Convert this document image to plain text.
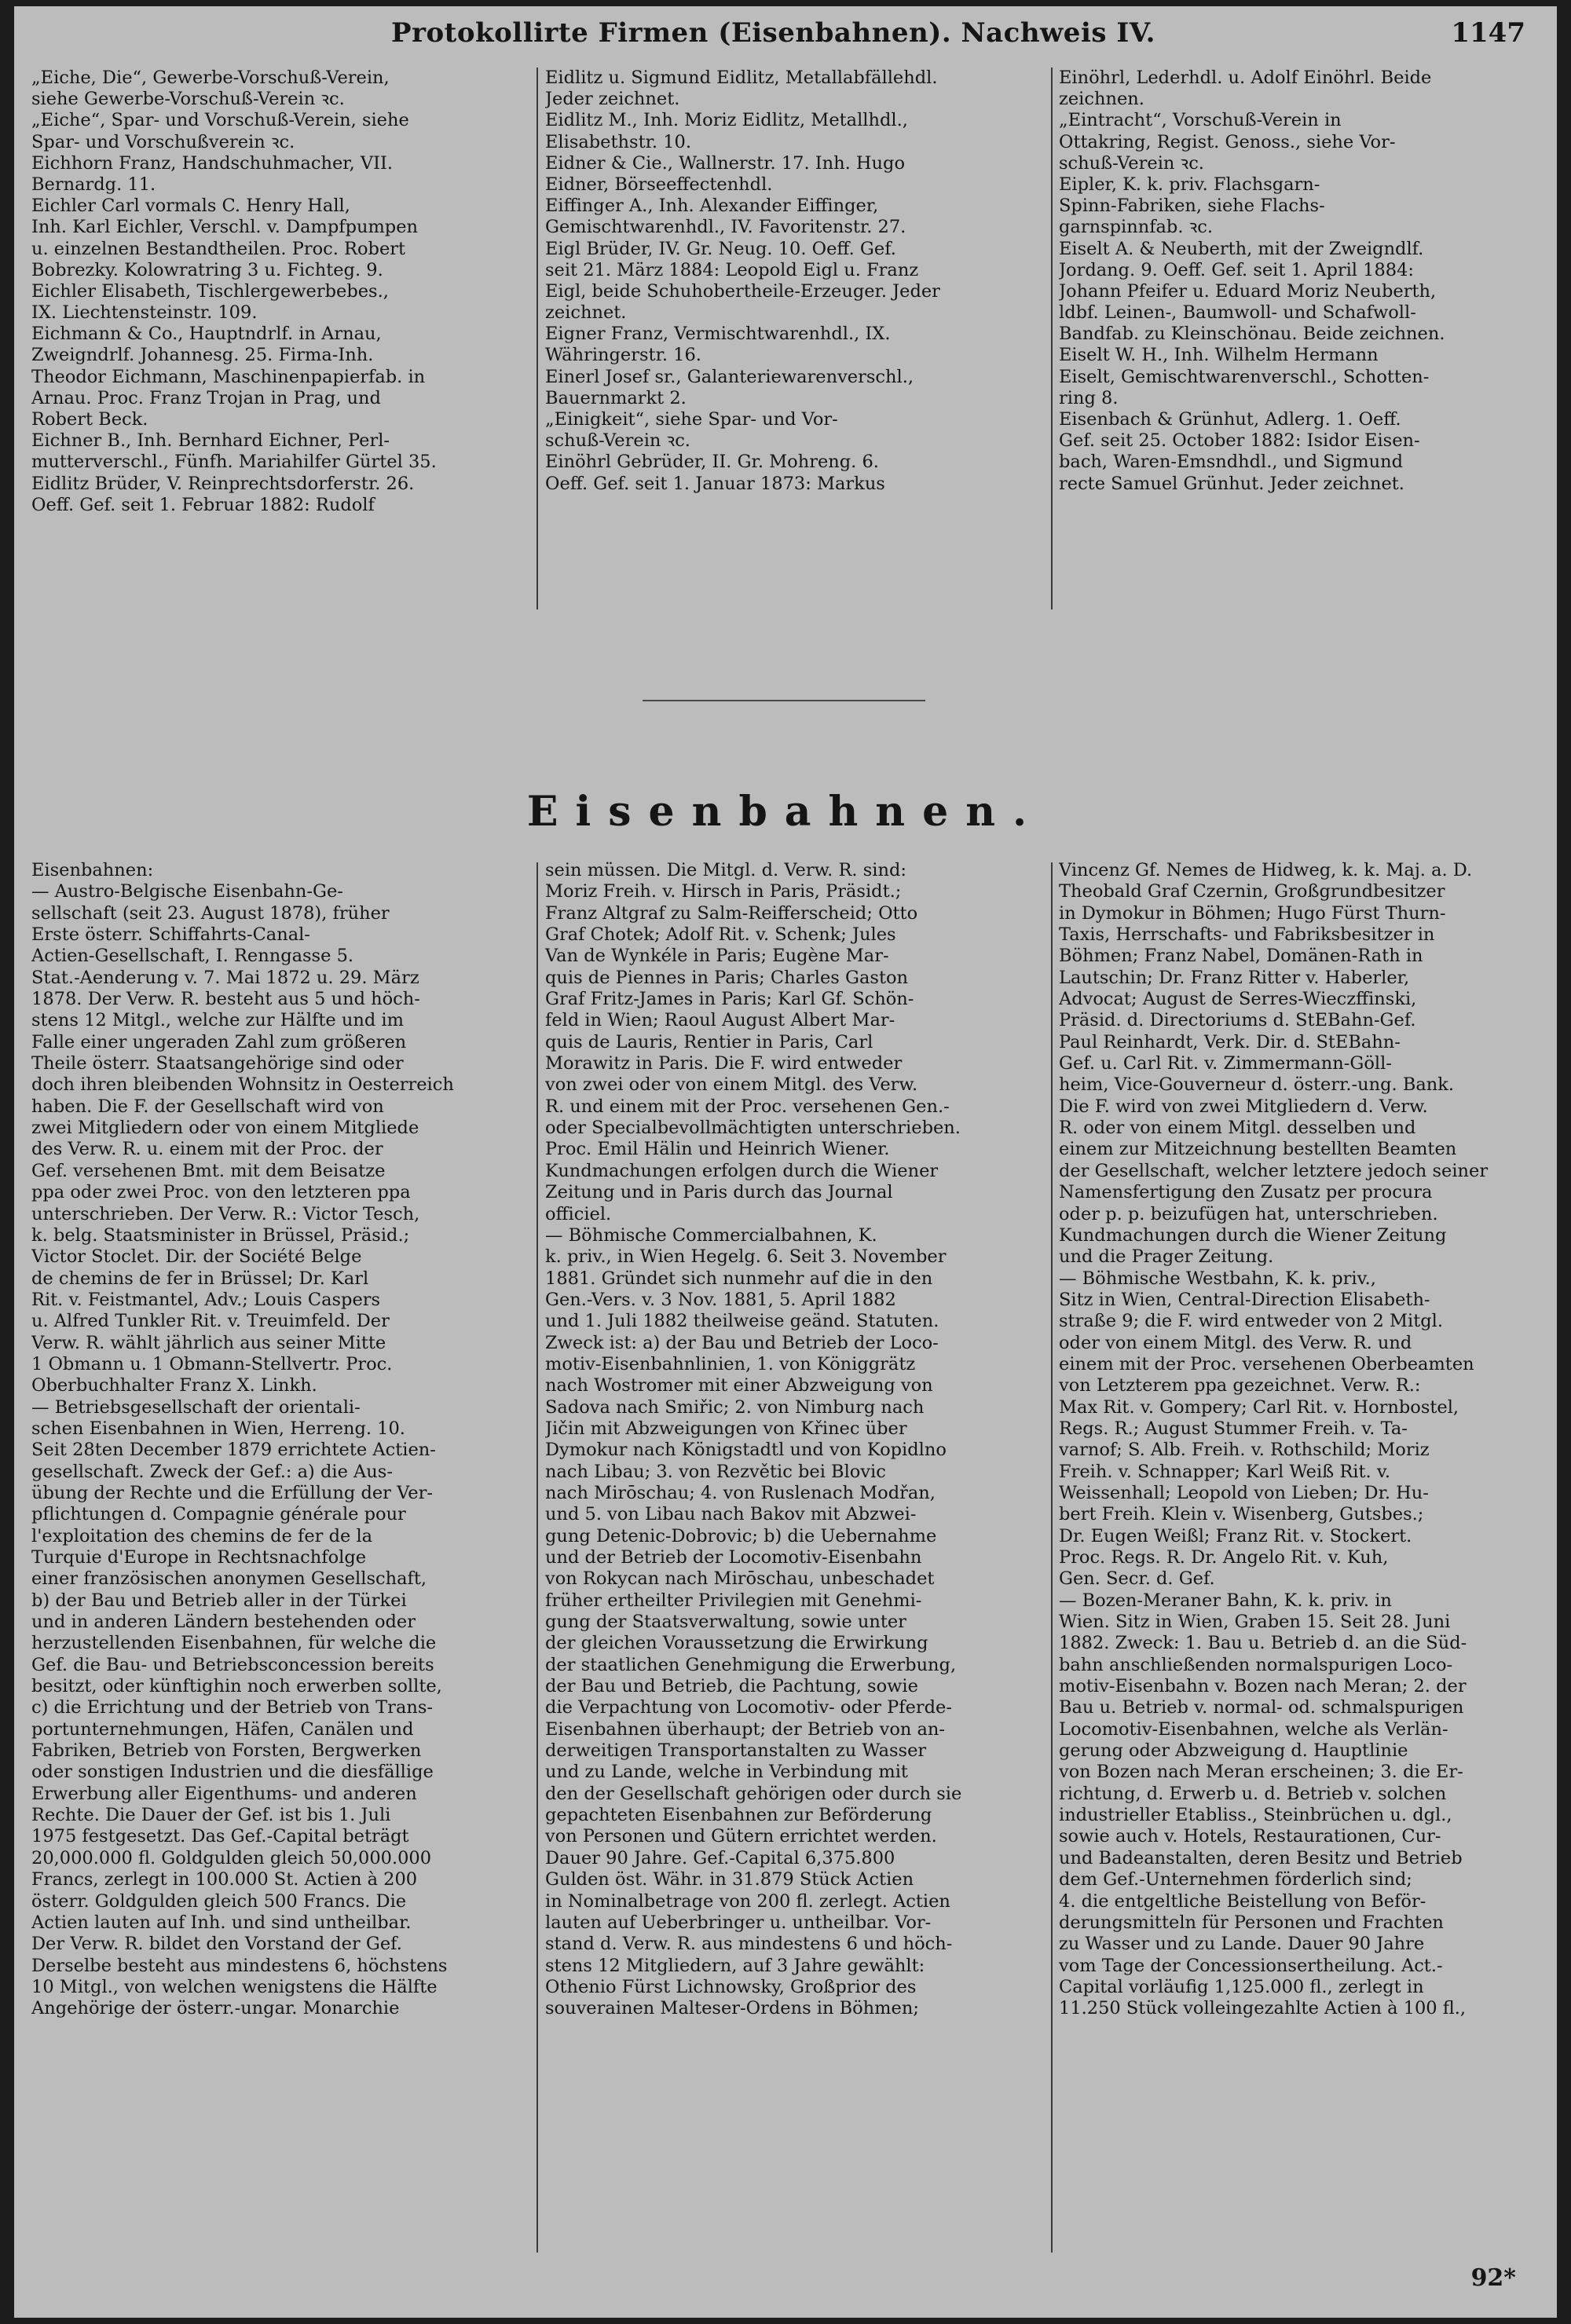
Protokollirte Firmen (Eisenbahnen). Nachweis IV.	1147
„Eiche, Die“, Gewerbe-Vorschuß-Verein,
siehe Gewerbe-Vorschuß-Verein ꝛc.
„Eiche“, Spar- und Vorschuß-Verein, siehe
Spar- und Vorschußverein ꝛc.
Eichhorn Franz, Handschuhmacher, VII.
Bernardg. 11.
Eichler Carl vormals C. Henry Hall,
Inh. Karl Eichler, Verschl. v. Dampfpumpen
u. einzelnen Bestandtheilen. Proc. Robert
Bobrezky. Kolowratring 3 u. Fichteg. 9.
Eichler Elisabeth, Tischlergewerbebes.,
IX. Liechtensteinstr. 109.
Eichmann & Co., Hauptndrlf. in Arnau,
Zweigndrlf. Johannesg. 25. Firma-Inh.
Theodor Eichmann, Maschinenpapierfab. in
Arnau. Proc. Franz Trojan in Prag, und
Robert Beck.
Eichner B., Inh. Bernhard Eichner, Perl-
mutterverschl., Fünfh. Mariahilfer Gürtel 35.
Eidlitz Brüder, V. Reinprechtsdorferstr. 26.
Oeff. Gef. seit 1. Februar 1882: Rudolf
Eidlitz u. Sigmund Eidlitz, Metallabfällehdl.
Jeder zeichnet.
Eidlitz M., Inh. Moriz Eidlitz, Metallhdl.,
Elisabethstr. 10.
Eidner & Cie., Wallnerstr. 17. Inh. Hugo
Eidner, Börseeffectenhdl.
Eiffinger A., Inh. Alexander Eiffinger,
Gemischtwarenhdl., IV. Favoritenstr. 27.
Eigl Brüder, IV. Gr. Neug. 10. Oeff. Gef.
seit 21. März 1884: Leopold Eigl u. Franz
Eigl, beide Schuhobertheile-Erzeuger. Jeder
zeichnet.
Eigner Franz, Vermischtwarenhdl., IX.
Währingerstr. 16.
Einerl Josef sr., Galanteriewarenverschl.,
Bauernmarkt 2.
„Einigkeit“, siehe Spar- und Vor-
schuß-Verein ꝛc.
Einöhrl Gebrüder, II. Gr. Mohreng. 6.
Oeff. Gef. seit 1. Januar 1873: Markus
Einöhrl, Lederhdl. u. Adolf Einöhrl. Beide
zeichnen.
„Eintracht“, Vorschuß-Verein in
Ottakring, Regist. Genoss., siehe Vor-
schuß-Verein ꝛc.
Eipler, K. k. priv. Flachsgarn-
Spinn-Fabriken, siehe Flachs-
garnspinnfab. ꝛc.
Eiselt A. & Neuberth, mit der Zweigndlf.
Jordang. 9. Oeff. Gef. seit 1. April 1884:
Johann Pfeifer u. Eduard Moriz Neuberth,
ldbf. Leinen-, Baumwoll- und Schafwoll-
Bandfab. zu Kleinschönau. Beide zeichnen.
Eiselt W. H., Inh. Wilhelm Hermann
Eiselt, Gemischtwarenverschl., Schotten-
ring 8.
Eisenbach & Grünhut, Adlerg. 1. Oeff.
Gef. seit 25. October 1882: Isidor Eisen-
bach, Waren-Emsndhdl., und Sigmund
recte Samuel Grünhut. Jeder zeichnet.
Eisenbahnen.
Eisenbahnen:
— Austro-Belgische Eisenbahn-Ge-
sellschaft (seit 23. August 1878), früher
Erste österr. Schiffahrts-Canal-
Actien-Gesellschaft, I. Renngasse 5.
Stat.-Aenderung v. 7. Mai 1872 u. 29. März
1878. Der Verw. R. besteht aus 5 und höch-
stens 12 Mitgl., welche zur Hälfte und im
Falle einer ungeraden Zahl zum größeren
Theile österr. Staatsangehörige sind oder
doch ihren bleibenden Wohnsitz in Oesterreich
haben. Die F. der Gesellschaft wird von
zwei Mitgliedern oder von einem Mitgliede
des Verw. R. u. einem mit der Proc. der
Gef. versehenen Bmt. mit dem Beisatze
ppa oder zwei Proc. von den letzteren ppa
unterschrieben. Der Verw. R.: Victor Tesch,
k. belg. Staatsminister in Brüssel, Präsid.;
Victor Stoclet. Dir. der Société Belge
de chemins de fer in Brüssel; Dr. Karl
Rit. v. Feistmantel, Adv.; Louis Caspers
u. Alfred Tunkler Rit. v. Treuimfeld. Der
Verw. R. wählt jährlich aus seiner Mitte
1 Obmann u. 1 Obmann-Stellvertr. Proc.
Oberbuchhalter Franz X. Linkh.
— Betriebsgesellschaft der orientali-
schen Eisenbahnen in Wien, Herreng. 10.
Seit 28ten December 1879 errichtete Actien-
gesellschaft. Zweck der Gef.: a) die Aus-
übung der Rechte und die Erfüllung der Ver-
pflichtungen d. Compagnie générale pour
l'exploitation des chemins de fer de la
Turquie d'Europe in Rechtsnachfolge
einer französischen anonymen Gesellschaft,
b) der Bau und Betrieb aller in der Türkei
und in anderen Ländern bestehenden oder
herzustellenden Eisenbahnen, für welche die
Gef. die Bau- und Betriebsconcession bereits
besitzt, oder künftighin noch erwerben sollte,
c) die Errichtung und der Betrieb von Trans-
portunternehmungen, Häfen, Canälen und
Fabriken, Betrieb von Forsten, Bergwerken
oder sonstigen Industrien und die diesfällige
Erwerbung aller Eigenthums- und anderen
Rechte. Die Dauer der Gef. ist bis 1. Juli
1975 festgesetzt. Das Gef.-Capital beträgt
20,000.000 fl. Goldgulden gleich 50,000.000
Francs, zerlegt in 100.000 St. Actien à 200
österr. Goldgulden gleich 500 Francs. Die
Actien lauten auf Inh. und sind untheilbar.
Der Verw. R. bildet den Vorstand der Gef.
Derselbe besteht aus mindestens 6, höchstens
10 Mitgl., von welchen wenigstens die Hälfte
Angehörige der österr.-ungar. Monarchie
sein müssen. Die Mitgl. d. Verw. R. sind:
Moriz Freih. v. Hirsch in Paris, Präsidt.;
Franz Altgraf zu Salm-Reifferscheid; Otto
Graf Chotek; Adolf Rit. v. Schenk; Jules
Van de Wynkéle in Paris; Eugène Mar-
quis de Piennes in Paris; Charles Gaston
Graf Fritz-James in Paris; Karl Gf. Schön-
feld in Wien; Raoul August Albert Mar-
quis de Lauris, Rentier in Paris, Carl
Morawitz in Paris. Die F. wird entweder
von zwei oder von einem Mitgl. des Verw.
R. und einem mit der Proc. versehenen Gen.-
oder Specialbevollmächtigten unterschrieben.
Proc. Emil Hälin und Heinrich Wiener.
Kundmachungen erfolgen durch die Wiener
Zeitung und in Paris durch das Journal
officiel.
— Böhmische Commercialbahnen, K.
k. priv., in Wien Hegelg. 6. Seit 3. November
1881. Gründet sich nunmehr auf die in den
Gen.-Vers. v. 3 Nov. 1881, 5. April 1882
und 1. Juli 1882 theilweise geänd. Statuten.
Zweck ist: a) der Bau und Betrieb der Loco-
motiv-Eisenbahnlinien, 1. von Königgrätz
nach Wostromer mit einer Abzweigung von
Sadova nach Smiřic; 2. von Nimburg nach
Jičin mit Abzweigungen von Křinec über
Dymokur nach Königstadtl und von Kopidlno
nach Libau; 3. von Rezvětic bei Blovic
nach Mirōschau; 4. von Ruslenach Modřan,
und 5. von Libau nach Bakov mit Abzwei-
gung Detenic-Dobrovic; b) die Uebernahme
und der Betrieb der Locomotiv-Eisenbahn
von Rokycan nach Mirōschau, unbeschadet
früher ertheilter Privilegien mit Genehmi-
gung der Staatsverwaltung, sowie unter
der gleichen Voraussetzung die Erwirkung
der staatlichen Genehmigung die Erwerbung,
der Bau und Betrieb, die Pachtung, sowie
die Verpachtung von Locomotiv- oder Pferde-
Eisenbahnen überhaupt; der Betrieb von an-
derweitigen Transportanstalten zu Wasser
und zu Lande, welche in Verbindung mit
den der Gesellschaft gehörigen oder durch sie
gepachteten Eisenbahnen zur Beförderung
von Personen und Gütern errichtet werden.
Dauer 90 Jahre. Gef.-Capital 6,375.800
Gulden öst. Währ. in 31.879 Stück Actien
in Nominalbetrage von 200 fl. zerlegt. Actien
lauten auf Ueberbringer u. untheilbar. Vor-
stand d. Verw. R. aus mindestens 6 und höch-
stens 12 Mitgliedern, auf 3 Jahre gewählt:
Othenio Fürst Lichnowsky, Großprior des
souverainen Malteser-Ordens in Böhmen;
Vincenz Gf. Nemes de Hidweg, k. k. Maj. a. D.
Theobald Graf Czernin, Großgrundbesitzer
in Dymokur in Böhmen; Hugo Fürst Thurn-
Taxis, Herrschafts- und Fabriksbesitzer in
Böhmen; Franz Nabel, Domänen-Rath in
Lautschin; Dr. Franz Ritter v. Haberler,
Advocat; August de Serres-Wieczffinski,
Präsid. d. Directoriums d. StEBahn-Gef.
Paul Reinhardt, Verk. Dir. d. StEBahn-
Gef. u. Carl Rit. v. Zimmermann-Göll-
heim, Vice-Gouverneur d. österr.-ung. Bank.
Die F. wird von zwei Mitgliedern d. Verw.
R. oder von einem Mitgl. desselben und
einem zur Mitzeichnung bestellten Beamten
der Gesellschaft, welcher letztere jedoch seiner
Namensfertigung den Zusatz per procura
oder p. p. beizufügen hat, unterschrieben.
Kundmachungen durch die Wiener Zeitung
und die Prager Zeitung.
— Böhmische Westbahn, K. k. priv.,
Sitz in Wien, Central-Direction Elisabeth-
straße 9; die F. wird entweder von 2 Mitgl.
oder von einem Mitgl. des Verw. R. und
einem mit der Proc. versehenen Oberbeamten
von Letzterem ppa gezeichnet. Verw. R.:
Max Rit. v. Gompery; Carl Rit. v. Hornbostel,
Regs. R.; August Stummer Freih. v. Ta-
varnof; S. Alb. Freih. v. Rothschild; Moriz
Freih. v. Schnapper; Karl Weiß Rit. v.
Weissenhall; Leopold von Lieben; Dr. Hu-
bert Freih. Klein v. Wisenberg, Gutsbes.;
Dr. Eugen Weißl; Franz Rit. v. Stockert.
Proc. Regs. R. Dr. Angelo Rit. v. Kuh,
Gen. Secr. d. Gef.
— Bozen-Meraner Bahn, K. k. priv. in
Wien. Sitz in Wien, Graben 15. Seit 28. Juni
1882. Zweck: 1. Bau u. Betrieb d. an die Süd-
bahn anschließenden normalspurigen Loco-
motiv-Eisenbahn v. Bozen nach Meran; 2. der
Bau u. Betrieb v. normal- od. schmalspurigen
Locomotiv-Eisenbahnen, welche als Verlän-
gerung oder Abzweigung d. Hauptlinie
von Bozen nach Meran erscheinen; 3. die Er-
richtung, d. Erwerb u. d. Betrieb v. solchen
industrieller Etabliss., Steinbrüchen u. dgl.,
sowie auch v. Hotels, Restaurationen, Cur-
und Badeanstalten, deren Besitz und Betrieb
dem Gef.-Unternehmen förderlich sind;
4. die entgeltliche Beistellung von Beför-
derungsmitteln für Personen und Frachten
zu Wasser und zu Lande. Dauer 90 Jahre
vom Tage der Concessionsertheilung. Act.-
Capital vorläufig 1,125.000 fl., zerlegt in
11.250 Stück volleingezahlte Actien à 100 fl.,
92*
